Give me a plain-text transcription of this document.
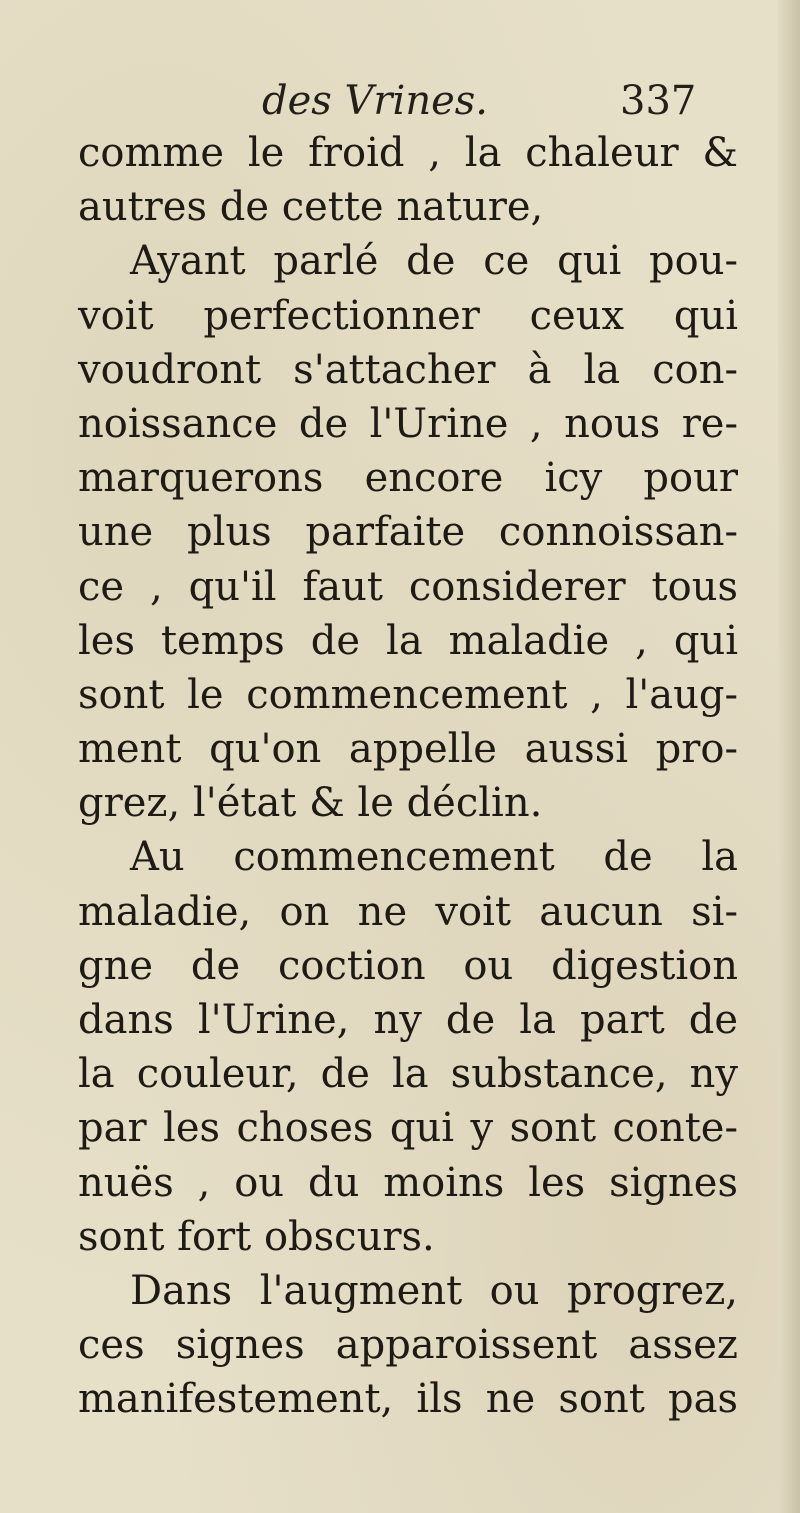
des Vrines.	337
comme le froid , la chaleur &
autres de cette nature,
Ayant parlé de ce qui pou-
voit perfectionner ceux qui
voudront s'attacher à la con-
noissance de l'Urine , nous re-
marquerons encore icy pour
une plus parfaite connoissan-
ce , qu'il faut considerer tous
les temps de la maladie , qui
sont le commencement , l'aug-
ment qu'on appelle aussi pro-
grez, l'état & le déclin.
Au commencement de la
maladie, on ne voit aucun si-
gne de coction ou digestion
dans l'Urine, ny de la part de
la couleur, de la substance, ny
par les choses qui y sont conte-
nuës , ou du moins les signes
sont fort obscurs.
Dans l'augment ou progrez,
ces signes apparoissent assez
manifestement, ils ne sont pas
